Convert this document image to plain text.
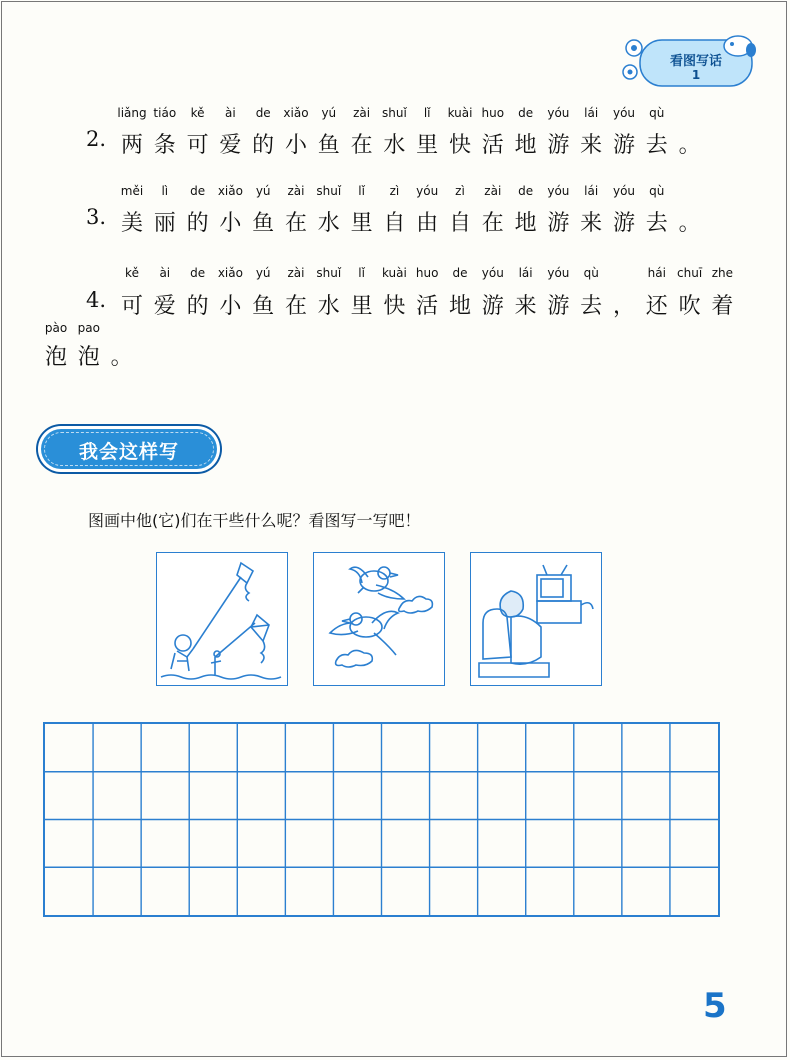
看图写话
1
liǎng tiáo kě ài de xiǎo yú zài shuǐ lǐ kuài huo de yóu lái yóu qù
2. 两 条 可 爱 的 小 鱼 在 水 里 快 活 地 游 来 游 去 。
měi lì de xiǎo yú zài shuǐ lǐ zì yóu zì zài de yóu lái yóu qù
3. 美 丽 的 小 鱼 在 水 里 自 由 自 在 地 游 来 游 去 。
kě ài de xiǎo yú zài shuǐ lǐ kuài huo de yóu lái yóu qù	hái chuī zhe
4. 可 爱 的 小 鱼 在 水 里 快 活 地 游 来 游 去 ， 还 吹 着
pào pao
泡 泡 。
我会这样写
图画中他(它)们在干些什么呢？看图写一写吧！
5
